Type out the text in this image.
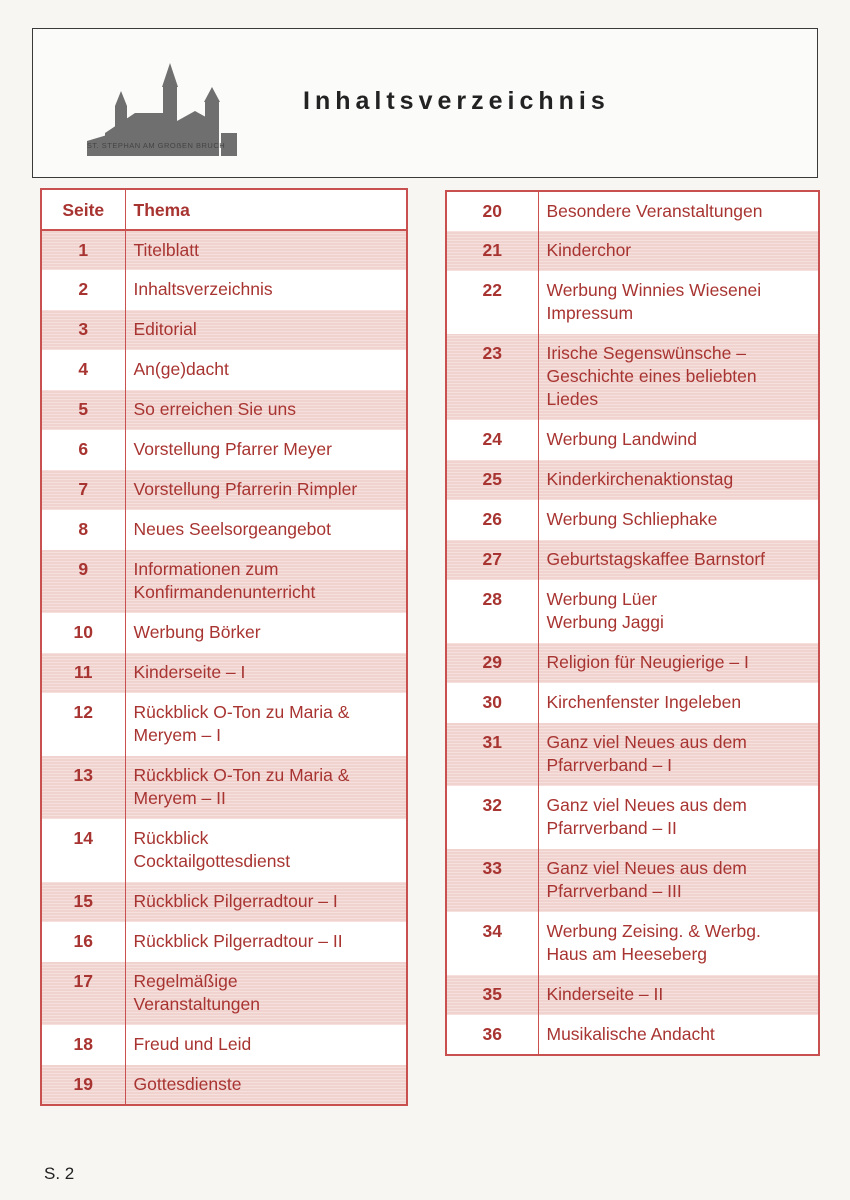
ST. STEPHAN AM GROẞEN BRUCH
Inhaltsverzeichnis
Seite	Thema
1	Titelblatt

2	Inhaltsverzeichnis

3	Editorial

4	An(ge)dacht

5	So erreichen Sie uns

6	Vorstellung Pfarrer Meyer

7	Vorstellung Pfarrerin Rimpler

8	Neues Seelsorgeangebot

9	Informationen zum
Konfirmandenunterricht

10	Werbung Börker

11	Kinderseite – I

12	Rückblick O-Ton zu Maria &
Meryem – I

13	Rückblick O-Ton zu Maria &
Meryem – II

14	Rückblick
Cocktailgottesdienst

15	Rückblick Pilgerradtour – I

16	Rückblick Pilgerradtour – II

17	Regelmäßige
Veranstaltungen

18	Freud und Leid

19	Gottesdienste
20	Besondere Veranstaltungen

21	Kinderchor

22	Werbung Winnies Wiesenei
Impressum

23	Irische Segenswünsche –
Geschichte eines beliebten
Liedes

24	Werbung Landwind

25	Kinderkirchenaktionstag

26	Werbung Schliephake

27	Geburtstagskaffee Barnstorf

28	Werbung Lüer
Werbung Jaggi

29	Religion für Neugierige – I

30	Kirchenfenster Ingeleben

31	Ganz viel Neues aus dem
Pfarrverband – I

32	Ganz viel Neues aus dem
Pfarrverband – II

33	Ganz viel Neues aus dem
Pfarrverband – III

34	Werbung Zeising. & Werbg.
Haus am Heeseberg

35	Kinderseite – II

36	Musikalische Andacht
S. 2
